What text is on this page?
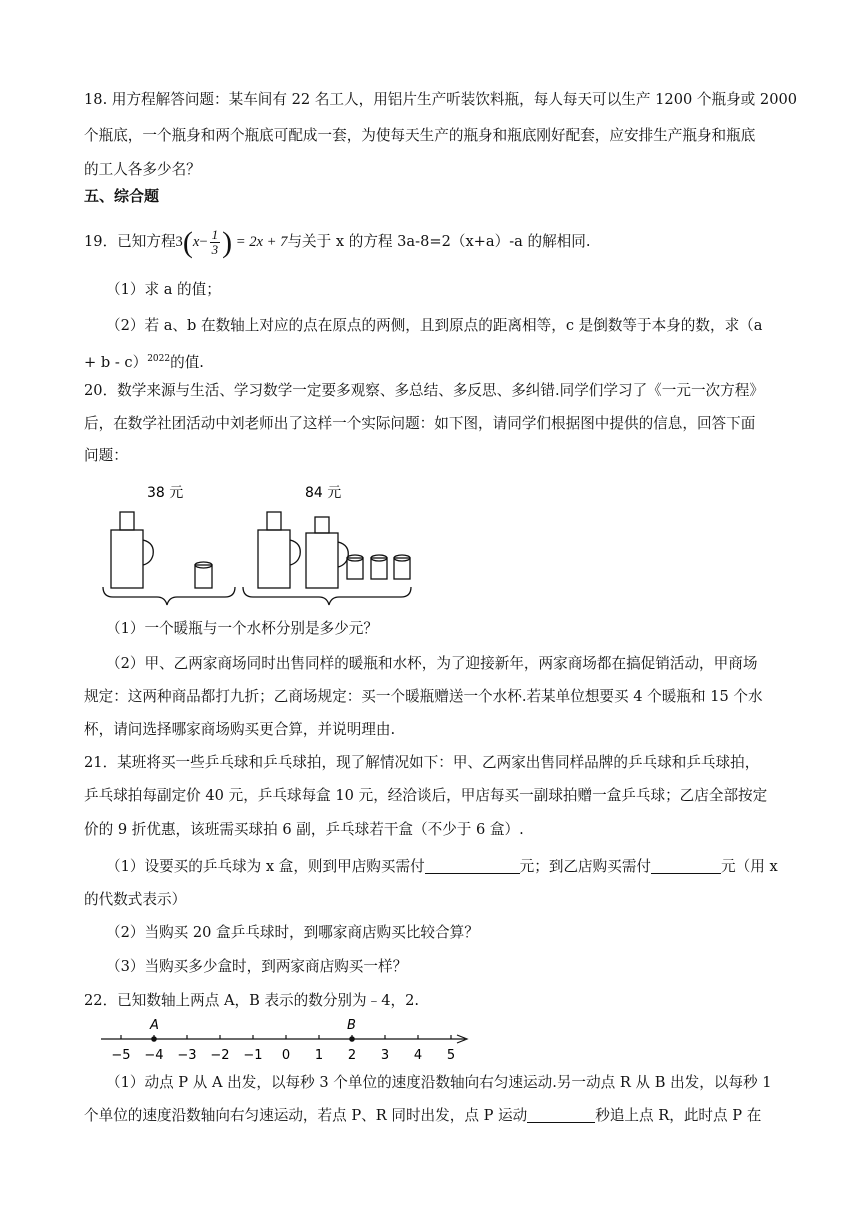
18. 用方程解答问题：某车间有 22 名工人，用铝片生产听装饮料瓶，每人每天可以生产 1200 个瓶身或 2000
个瓶底，一个瓶身和两个瓶底可配成一套，为使每天生产的瓶身和瓶底刚好配套，应安排生产瓶身和瓶底
的工人各多少名？
五、综合题
19．已知方程$3(x- \frac{1}{3}$ ) = 2x + 7与关于 x 的方程 3a-8=2（x+a）-a 的解相同.
（1）求 a 的值；
（2）若 a、b 在数轴上对应的点在原点的两侧，且到原点的距离相等，c 是倒数等于本身的数，求（a
+ b - c）$^{2022}$的值.
20．数学来源与生活、学习数学一定要多观察、多总结、多反思、多纠错.同学们学习了《一元一次方程》
后，在数学社团活动中刘老师出了这样一个实际问题：如下图，请同学们根据图中提供的信息，回答下面
问题：
38 元	84 元
（1）一个暖瓶与一个水杯分别是多少元？
（2）甲、乙两家商场同时出售同样的暖瓶和水杯，为了迎接新年，两家商场都在搞促销活动，甲商场
规定：这两种商品都打九折；乙商场规定：买一个暖瓶赠送一个水杯.若某单位想要买 4 个暖瓶和 15 个水
杯，请问选择哪家商场购买更合算，并说明理由.
21．某班将买一些乒乓球和乒乓球拍，现了解情况如下：甲、乙两家出售同样品牌的乒乓球和乒乓球拍，
乒乓球拍每副定价 40 元，乒乓球每盒 10 元，经洽谈后，甲店每买一副球拍赠一盒乒乓球；乙店全部按定
价的 9 折优惠，该班需买球拍 6 副，乒乓球若干盒（不少于 6 盒）.
（1）设要买的乒乓球为 x 盒，则到甲店购买需付	元；到乙店购买需付	元（用 x
的代数式表示）
（2）当购买 20 盒乒乓球时，到哪家商店购买比较合算？
（3）当购买多少盒时，到两家商店购买一样？
22．已知数轴上两点 A，B 表示的数分别为﹣4，2.
−5 −4 −3 −2 −1 0 1 2 3 4 5
A	B
（1）动点 P 从 A 出发，以每秒 3 个单位的速度沿数轴向右匀速运动.另一动点 R 从 B 出发，以每秒 1
个单位的速度沿数轴向右匀速运动，若点 P、R 同时出发，点 P 运动	秒追上点 R，此时点 P 在
